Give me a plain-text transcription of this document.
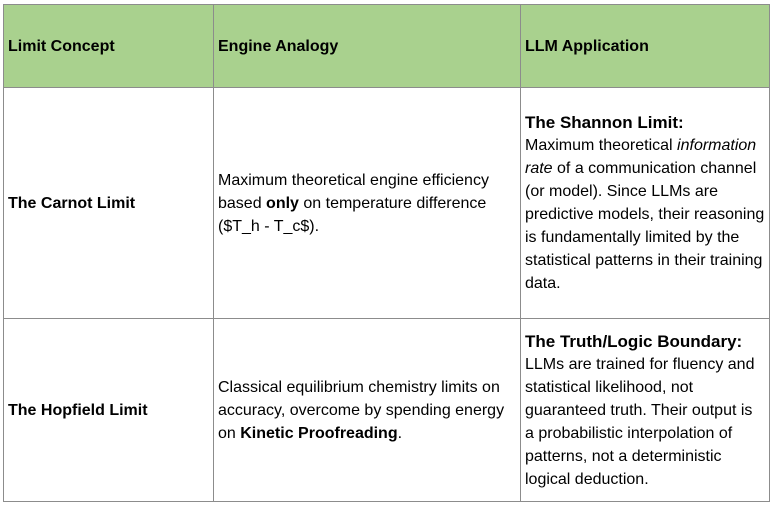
Limit Concept	Engine Analogy	LLM Application
The Carnot Limit	Maximum theoretical engine efficiency based only on temperature difference ($T_h - T_c$).	The Shannon Limit:
Maximum theoretical information rate of a communication channel (or model). Since LLMs are predictive models, their reasoning is fundamentally limited by the statistical patterns in their training data.
The Hopfield Limit	Classical equilibrium chemistry limits on accuracy, overcome by spending energy on Kinetic Proofreading.	The Truth/Logic Boundary:
LLMs are trained for fluency and statistical likelihood, not guaranteed truth. Their output is a probabilistic interpolation of patterns, not a deterministic logical deduction.
